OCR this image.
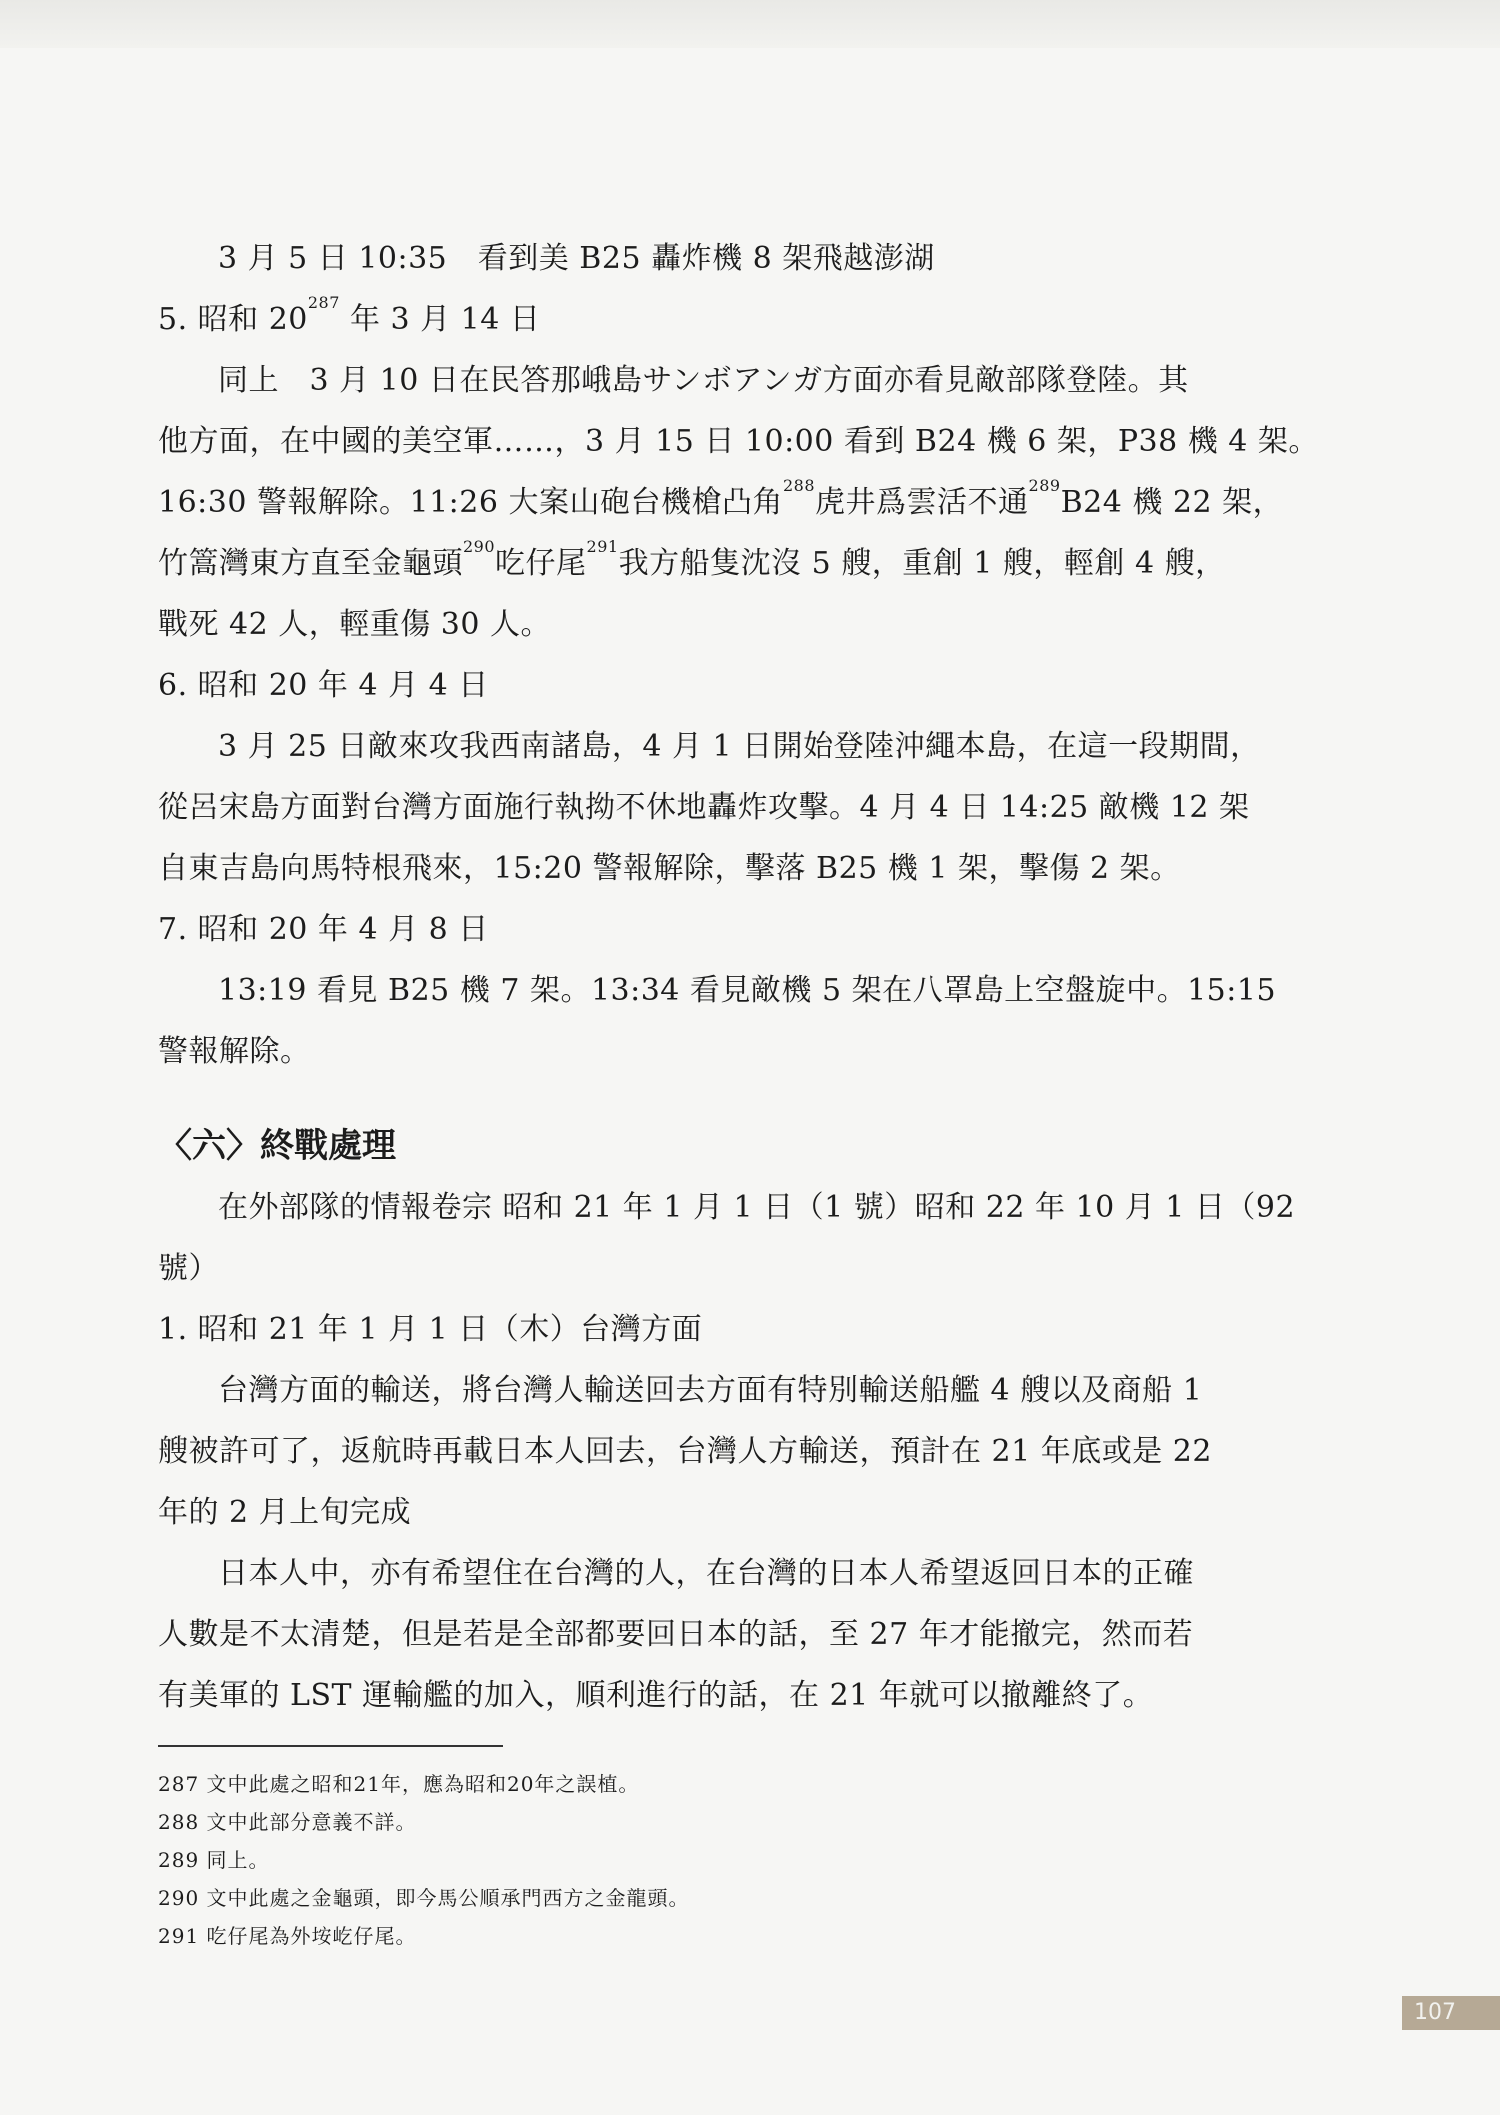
3 月 5 日 10:35　看到美 B25 轟炸機 8 架飛越澎湖
5. 昭和 $20^{287}$ 年 3 月 14 日
同上　3 月 10 日在民答那峨島サンボアンガ方面亦看見敵部隊登陸。其
他方面，在中國的美空軍……，3 月 15 日 10:00 看到 B24 機 6 架，P38 機 4 架。
16:30 警報解除。11:26 大案山砲台機槍凸角$^{288}$虎井爲雲活不通$^{289}$B24 機 22 架，
竹篙灣東方直至金龜頭$^{290}$吃仔尾$^{291}$我方船隻沈沒 5 艘，重創 1 艘，輕創 4 艘，
戰死 42 人，輕重傷 30 人。
6. 昭和 20 年 4 月 4 日
3 月 25 日敵來攻我西南諸島，4 月 1 日開始登陸沖繩本島，在這一段期間，
從呂宋島方面對台灣方面施行執拗不休地轟炸攻擊。4 月 4 日 14:25 敵機 12 架
自東吉島向馬特根飛來，15:20 警報解除，擊落 B25 機 1 架，擊傷 2 架。
7. 昭和 20 年 4 月 8 日
13:19 看見 B25 機 7 架。13:34 看見敵機 5 架在八罩島上空盤旋中。15:15
警報解除。
〈六〉終戰處理
在外部隊的情報卷宗 昭和 21 年 1 月 1 日（1 號）昭和 22 年 10 月 1 日（92
號）
1. 昭和 21 年 1 月 1 日（木）台灣方面
台灣方面的輸送，將台灣人輸送回去方面有特別輸送船艦 4 艘以及商船 1
艘被許可了，返航時再載日本人回去，台灣人方輸送，預計在 21 年底或是 22
年的 2 月上旬完成
日本人中，亦有希望住在台灣的人，在台灣的日本人希望返回日本的正確
人數是不太清楚，但是若是全部都要回日本的話，至 27 年才能撤完，然而若
有美軍的 LST 運輸艦的加入，順利進行的話，在 21 年就可以撤離終了。
287 文中此處之昭和21年，應為昭和20年之誤植。
288 文中此部分意義不詳。
289 同上。
290 文中此處之金龜頭，即今馬公順承門西方之金龍頭。
291 吃仔尾為外垵屹仔尾。
107
